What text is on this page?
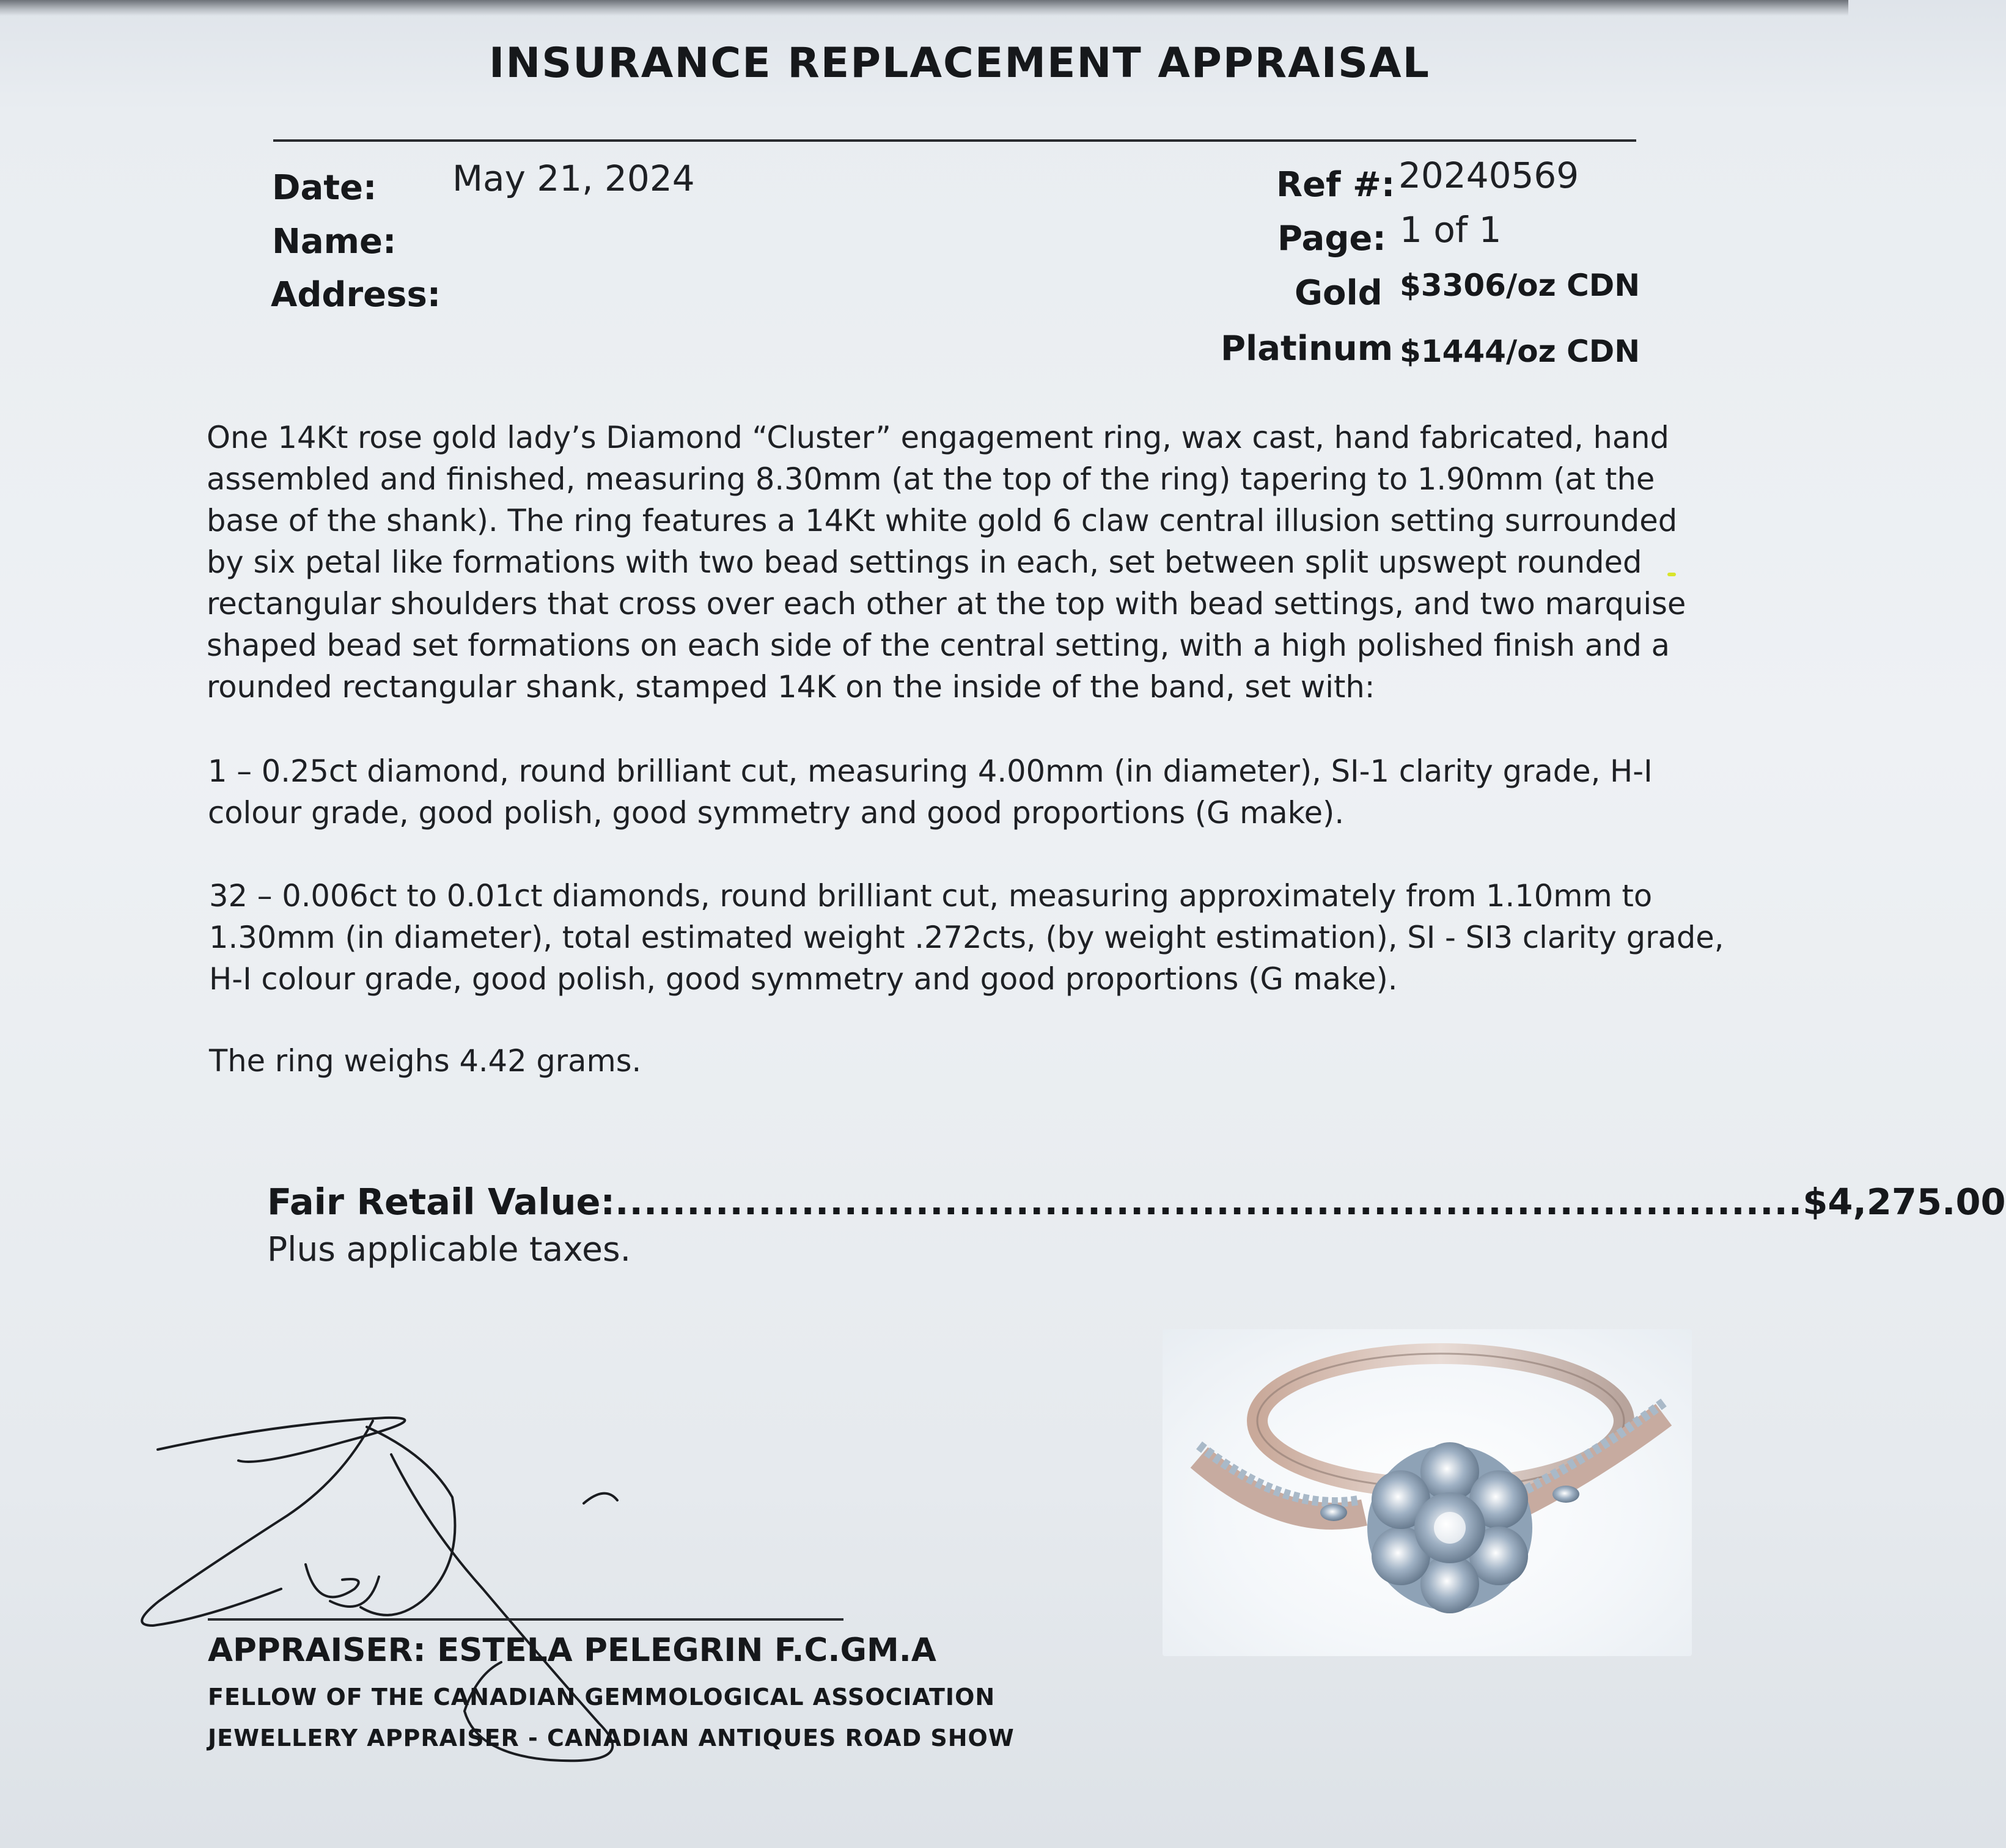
INSURANCE REPLACEMENT APPRAISAL
Date: May 21, 2024
Name:
Address:
Ref #: 20240569
Page: 1 of 1
Gold $3306/oz CDN
Platinum $1444/oz CDN

One 14Kt rose gold lady’s Diamond “Cluster” engagement ring, wax cast, hand fabricated, hand assembled and finished, measuring 8.30mm (at the top of the ring) tapering to 1.90mm (at the base of the shank). The ring features a 14Kt white gold 6 claw central illusion setting surrounded by six petal like formations with two bead settings in each, set between split upswept rounded rectangular shoulders that cross over each other at the top with bead settings, and two marquise shaped bead set formations on each side of the central setting, with a high polished finish and a rounded rectangular shank, stamped 14K on the inside of the band, set with:

1 – 0.25ct diamond, round brilliant cut, measuring 4.00mm (in diameter), SI-1 clarity grade, H-I colour grade, good polish, good symmetry and good proportions (G make).

32 – 0.006ct to 0.01ct diamonds, round brilliant cut, measuring approximately from 1.10mm to 1.30mm (in diameter), total estimated weight .272cts, (by weight estimation), SI - SI3 clarity grade, H-I colour grade, good polish, good symmetry and good proportions (G make).

The ring weighs 4.42 grams.

Fair Retail Value: ................................................................................... $4,275.00
Plus applicable taxes.
APPRAISER: ESTELA PELEGRIN F.C.GM.A
FELLOW OF THE CANADIAN GEMMOLOGICAL ASSOCIATION
JEWELLERY APPRAISER - CANADIAN ANTIQUES ROAD SHOW
